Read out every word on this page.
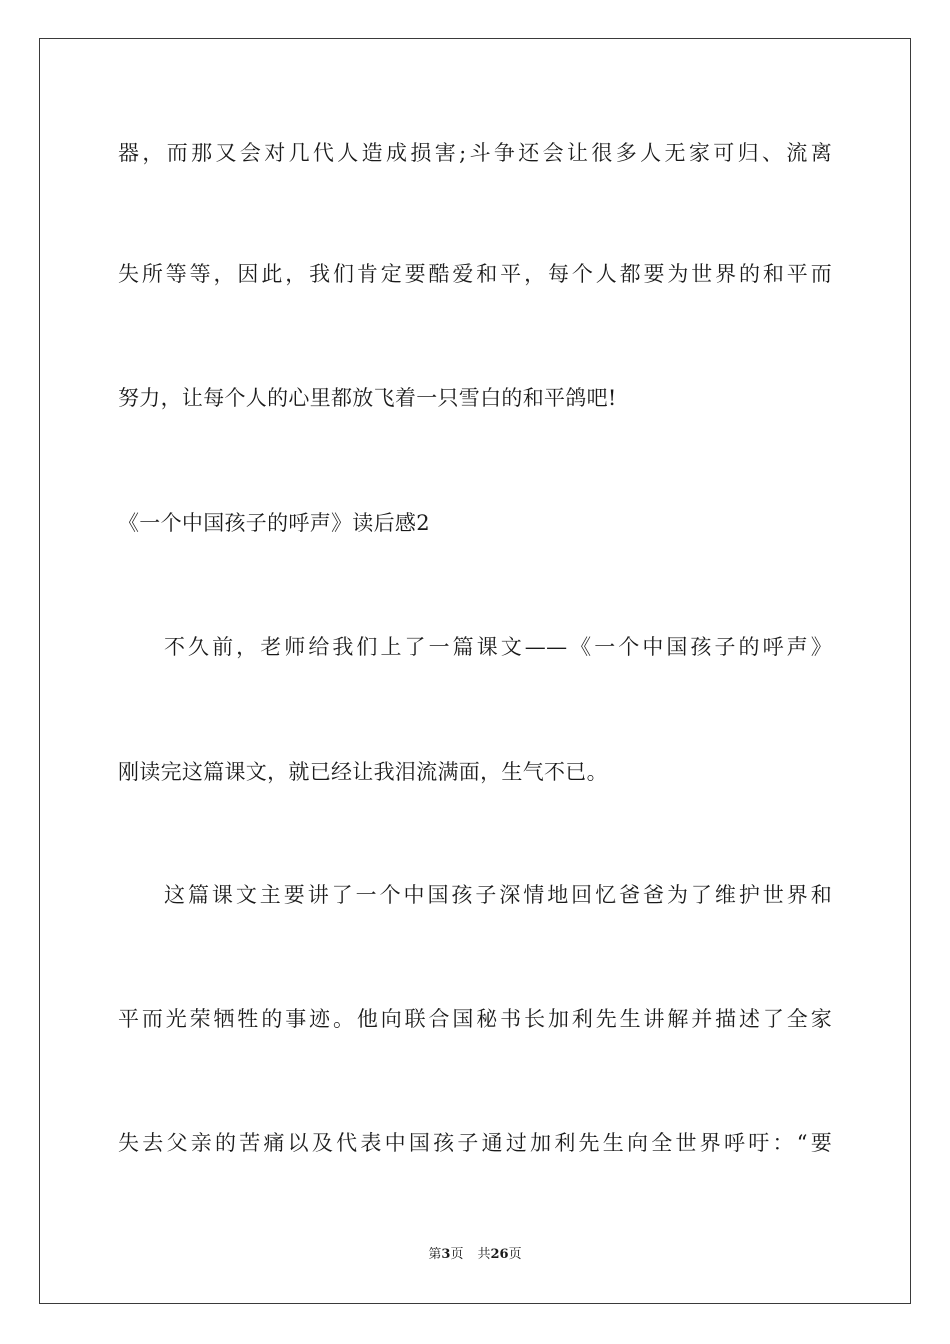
器，而那又会对几代人造成损害;斗争还会让很多人无家可归、流离
失所等等，因此，我们肯定要酷爱和平，每个人都要为世界的和平而
努力，让每个人的心里都放飞着一只雪白的和平鸽吧!
《一个中国孩子的呼声》读后感2
不久前，老师给我们上了一篇课文——《一个中国孩子的呼声》
刚读完这篇课文，就已经让我泪流满面，生气不已。
这篇课文主要讲了一个中国孩子深情地回忆爸爸为了维护世界和
平而光荣牺牲的事迹。他向联合国秘书长加利先生讲解并描述了全家
失去父亲的苦痛以及代表中国孩子通过加利先生向全世界呼吁：“要
第3页 共26页
